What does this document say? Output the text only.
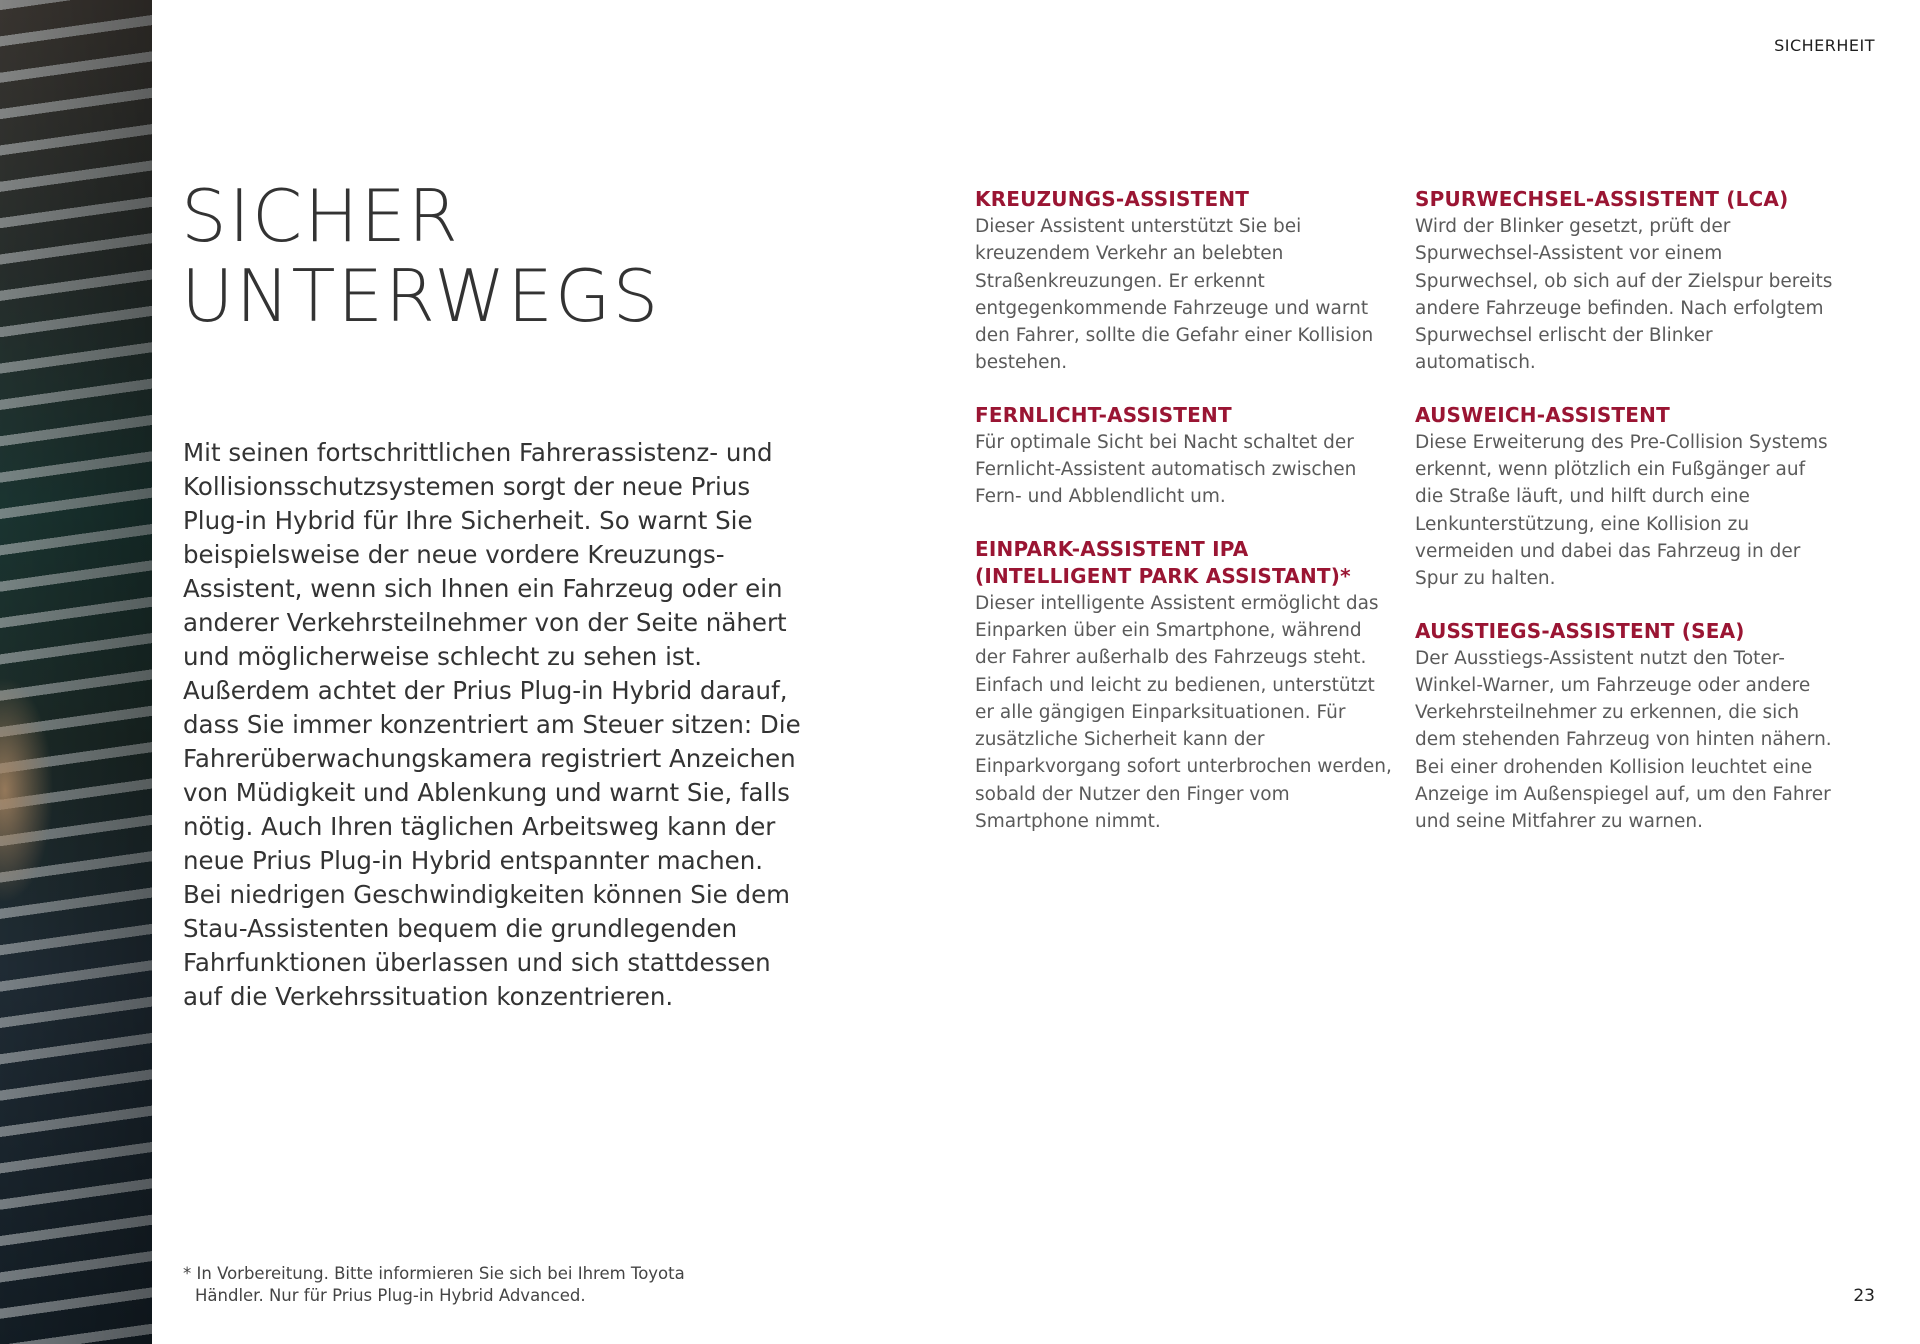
SICHERHEIT
SICHER
UNTERWEGS

Mit seinen fortschrittlichen Fahrerassistenz- und Kollisionsschutzsystemen sorgt der neue Prius Plug-in Hybrid für Ihre Sicherheit. So warnt Sie beispielsweise der neue vordere Kreuzungs-Assistent, wenn sich Ihnen ein Fahrzeug oder ein anderer Verkehrsteilnehmer von der Seite nähert und möglicherweise schlecht zu sehen ist. Außerdem achtet der Prius Plug-in Hybrid darauf, dass Sie immer konzentriert am Steuer sitzen: Die Fahrerüberwachungskamera registriert Anzeichen von Müdigkeit und Ablenkung und warnt Sie, falls nötig. Auch Ihren täglichen Arbeitsweg kann der neue Prius Plug-in Hybrid entspannter machen. Bei niedrigen Geschwindigkeiten können Sie dem Stau-Assistenten bequem die grundlegenden Fahrfunktionen überlassen und sich stattdessen auf die Verkehrssituation konzentrieren.

KREUZUNGS-ASSISTENT

Dieser Assistent unterstützt Sie bei kreuzendem Verkehr an belebten Straßenkreuzungen. Er erkennt entgegenkommende Fahrzeuge und warnt den Fahrer, sollte die Gefahr einer Kollision bestehen.

FERNLICHT-ASSISTENT

Für optimale Sicht bei Nacht schaltet der Fernlicht-Assistent automatisch zwischen Fern- und Abblendlicht um.

EINPARK-ASSISTENT IPA (INTELLIGENT PARK ASSISTANT)*

Dieser intelligente Assistent ermöglicht das Einparken über ein Smartphone, während der Fahrer außerhalb des Fahrzeugs steht. Einfach und leicht zu bedienen, unterstützt er alle gängigen Einparksituationen. Für zusätzliche Sicherheit kann der Einparkvorgang sofort unterbrochen werden, sobald der Nutzer den Finger vom Smartphone nimmt.

SPURWECHSEL-ASSISTENT (LCA)

Wird der Blinker gesetzt, prüft der Spurwechsel-Assistent vor einem Spurwechsel, ob sich auf der Zielspur bereits andere Fahrzeuge befinden. Nach erfolgtem Spurwechsel erlischt der Blinker automatisch.

AUSWEICH-ASSISTENT

Diese Erweiterung des Pre-Collision Systems erkennt, wenn plötzlich ein Fußgänger auf die Straße läuft, und hilft durch eine Lenkunterstützung, eine Kollision zu vermeiden und dabei das Fahrzeug in der Spur zu halten.

AUSSTIEGS-ASSISTENT (SEA)

Der Ausstiegs-Assistent nutzt den Toter-Winkel-Warner, um Fahrzeuge oder andere Verkehrsteilnehmer zu erkennen, die sich dem stehenden Fahrzeug von hinten nähern. Bei einer drohenden Kollision leuchtet eine Anzeige im Außenspiegel auf, um den Fahrer und seine Mitfahrer zu warnen.

* In Vorbereitung. Bitte informieren Sie sich bei Ihrem Toyota Händler. Nur für Prius Plug-in Hybrid Advanced.	23
